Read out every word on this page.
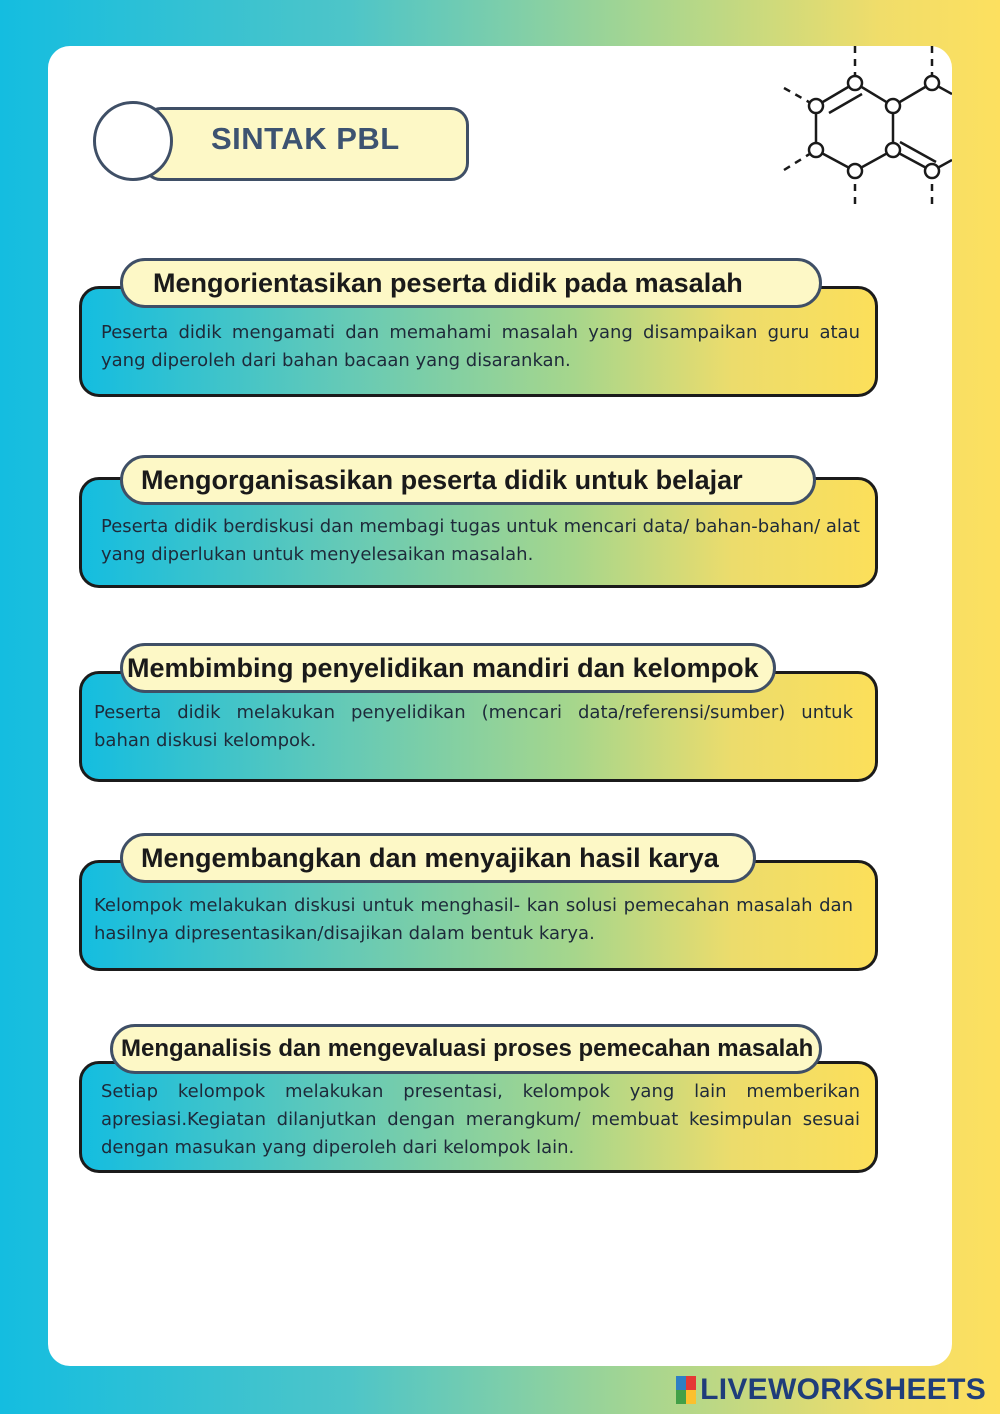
SINTAK PBL
Peserta didik mengamati dan memahami masalah yang disampaikan guru atau yang diperoleh dari bahan bacaan yang disarankan.
Mengorientasikan peserta didik pada masalah
Peserta didik berdiskusi dan membagi tugas untuk mencari data/ bahan-bahan/ alat yang diperlukan untuk menyelesaikan masalah.
Mengorganisasikan peserta didik untuk belajar
Peserta didik melakukan penyelidikan (mencari data/referensi/sumber) untuk bahan diskusi kelompok.
Membimbing penyelidikan mandiri dan kelompok
Kelompok melakukan diskusi untuk menghasil- kan solusi pemecahan masalah dan hasilnya dipresentasikan/disajikan dalam bentuk karya.
Mengembangkan dan menyajikan hasil karya
Setiap kelompok melakukan presentasi, kelompok yang lain memberikan apresiasi.Kegiatan dilanjutkan dengan merangkum/ membuat kesimpulan sesuai dengan masukan yang diperoleh dari kelompok lain.
Menganalisis dan mengevaluasi proses pemecahan masalah
LIVEWORKSHEETS
